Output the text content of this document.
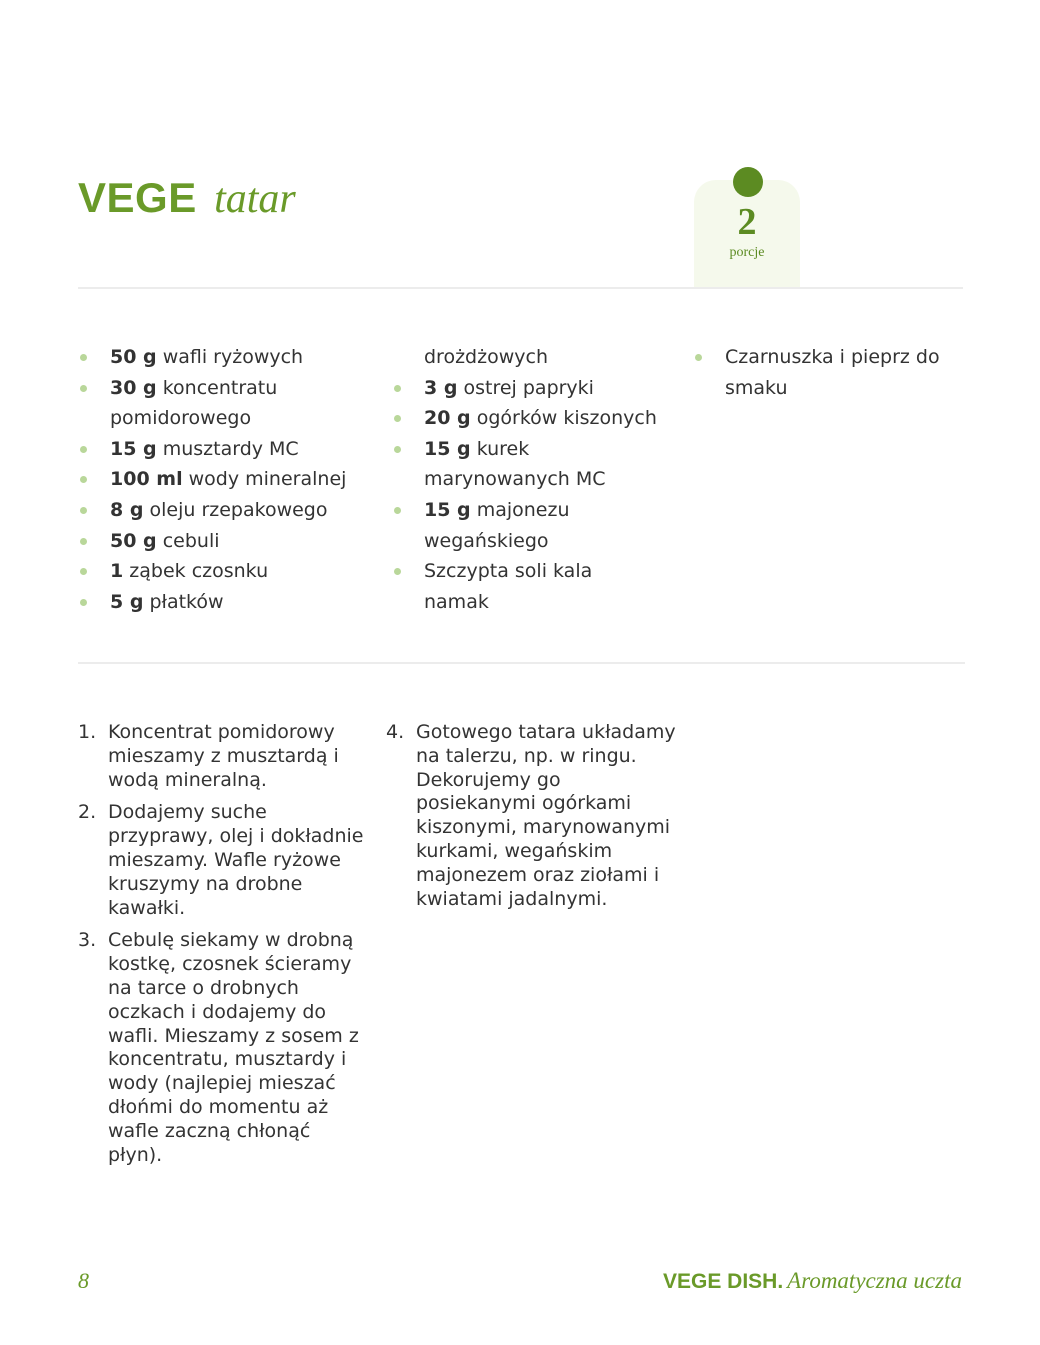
VEGE tatar	2
porcje
50 g wafli ryżowych
30 g koncentratu
pomidorowego
15 g musztardy MC
100 ml wody mineralnej
8 g oleju rzepakowego
50 g cebuli
1 ząbek czosnku
5 g płatków
drożdżowych
3 g ostrej papryki
20 g ogórków kiszonych
15 g kurek
marynowanych MC
15 g majonezu
wegańskiego
Szczypta soli kala
namak
Czarnuszka i pieprz do
smaku
1. Koncentrat pomidorowy mieszamy z musztardą i wodą mineralną.
2. Dodajemy suche przyprawy, olej i dokładnie mieszamy. Wafle ryżowe kruszymy na drobne kawałki.
3. Cebulę siekamy w drobną kostkę, czosnek ścieramy na tarce o drobnych oczkach i dodajemy do wafli. Mieszamy z sosem z koncentratu, musztardy i wody (najlepiej mieszać dłońmi do momentu aż wafle zaczną chłonąć płyn).
4. Gotowego tatara układamy na talerzu, np. w ringu. Dekorujemy go posiekanymi ogórkami kiszonymi, marynowanymi kurkami, wegańskim majonezem oraz ziołami i kwiatami jadalnymi.
8	VEGE DISH. Aromatyczna uczta
